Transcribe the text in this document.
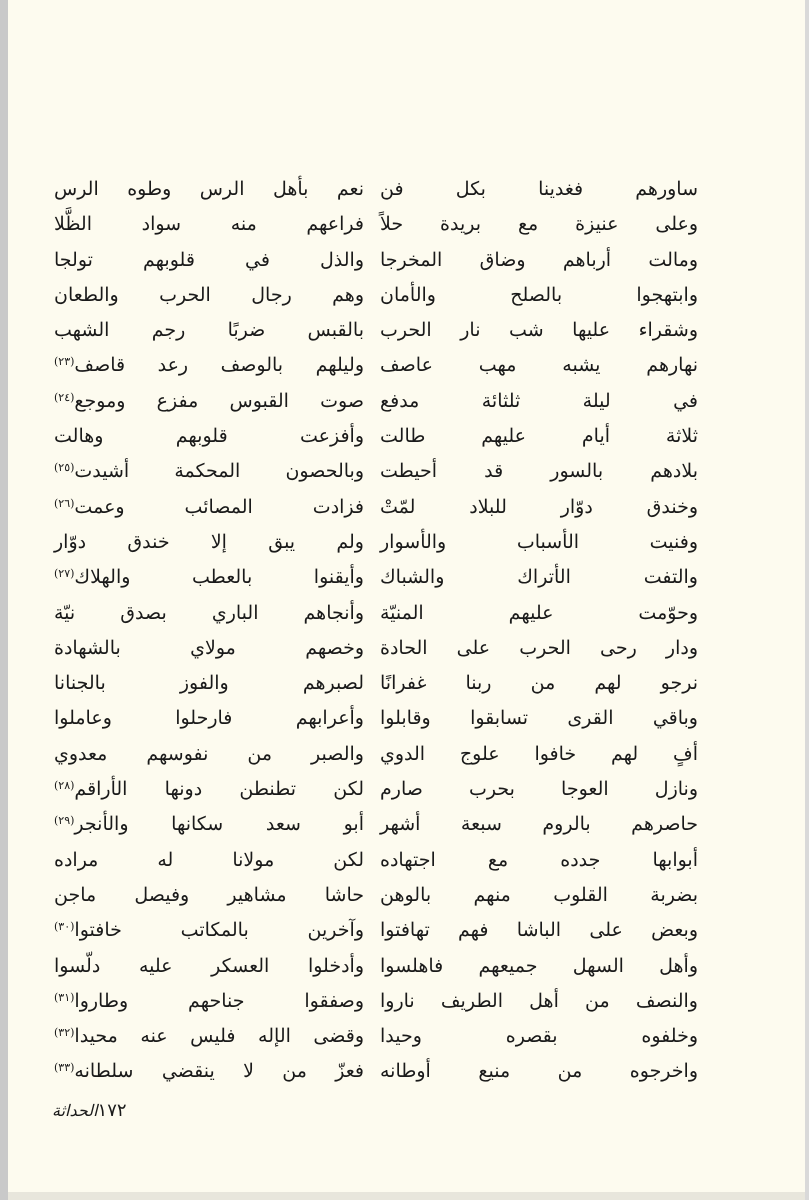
ساورهم فغدينا بكل فن
وعلى عنيزة مع بريدة حلاً
ومالت أرباهم وضاق المخرجا
وابتهجوا بالصلح والأمان
وشقراء عليها شب نار الحرب
نهارهم يشبه مهب عاصف
في ليلة ثلثائة مدفع
ثلاثة أيام عليهم طالت
بلادهم بالسور قد أحيطت
وخندق دوّار للبلاد لمّتْ
وفنيت الأسباب والأسوار
والتفت الأتراك والشباك
وحوّمت عليهم المنيّة
ودار رحى الحرب على الحادة
نرجو لهم من ربنا غفرانًا
وباقي القرى تسابقوا وقابلوا
أفٍ لهم خافوا علوج الدوي
ونازل العوجا بحرب صارم
حاصرهم بالروم سبعة أشهر
أبوابها جدده مع اجتهاده
بضربة القلوب منهم بالوهن
وبعض على الباشا فهم تهافتوا
وأهل السهل جميعهم فاهلسوا
والنصف من أهل الطريف ناروا
وخلفوه بقصره وحيدا
واخرجوه من منيع أوطانه
نعم بأهل الرس وطوه الرس
فراعهم منه سواد الظَّلا
والذل في قلوبهم تولجا
وهم رجال الحرب والطعان
بالقبس ضربًا رجم الشهب
وليلهم بالوصف رعد قاصف$^{(٢٣)}$
صوت القبوس مفزع وموجع$^{(٢٤)}$
وأفزعت قلوبهم وهالت
وبالحصون المحكمة أشيدت$^{(٢٥)}$
فزادت المصائب وعمت$^{(٢٦)}$
ولم يبق إلا خندق دوّار
وأيقنوا بالعطب والهلاك$^{(٢٧)}$
وأنجاهم الباري بصدق نيّة
وخصهم مولاي بالشهادة
لصبرهم والفوز بالجنانا
وأعرابهم فارحلوا وعاملوا
والصبر من نفوسهم معدوي
لكن تطنطن دونها الأراقم$^{(٢٨)}$
أبو سعد سكانها والأنجر$^{(٢٩)}$
لكن مولانا له مراده
حاشا مشاهير وفيصل ماجن
وآخرين بالمكاتب خافتوا$^{(٣٠)}$
وأدخلوا العسكر عليه دلّسوا
وصفقوا جناحهم وطاروا$^{(٣١)}$
وقضى الإله فليس عنه محيدا$^{(٣٢)}$
فعزّ من لا ينقضي سلطانه$^{(٣٣)}$
١٧٢الحداثة
